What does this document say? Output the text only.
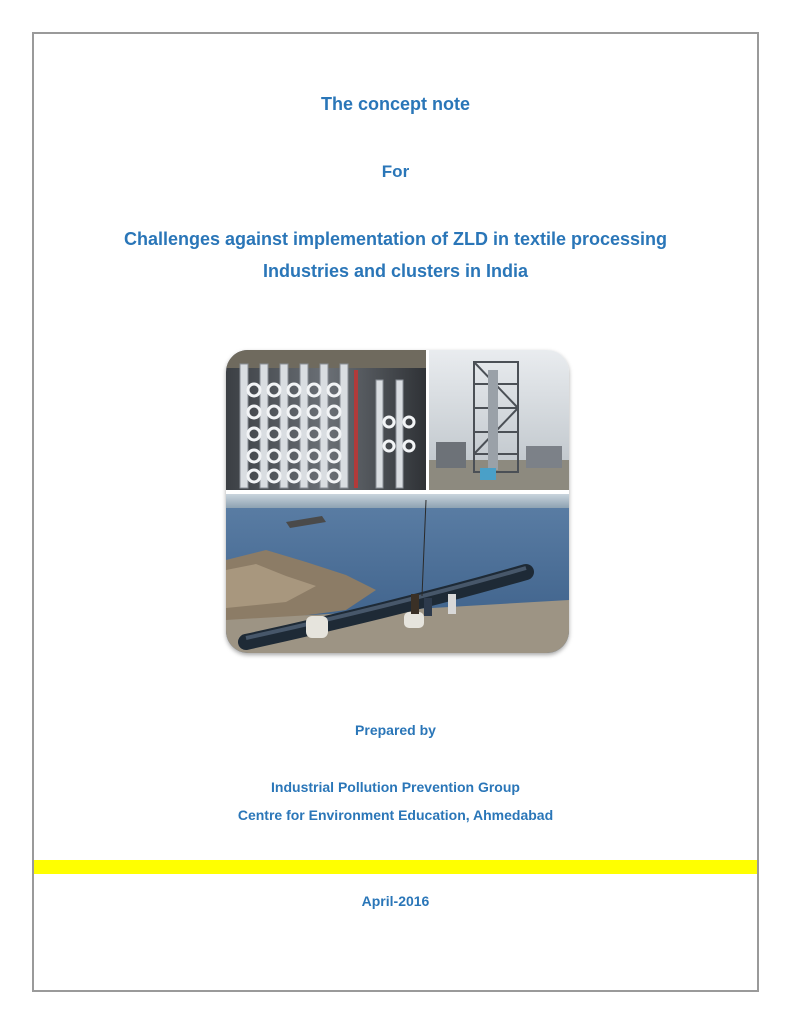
The concept note
For
Challenges against implementation of ZLD in textile processing
Industries and clusters in India
Prepared by
Industrial Pollution Prevention Group
Centre for Environment Education, Ahmedabad
April-2016
